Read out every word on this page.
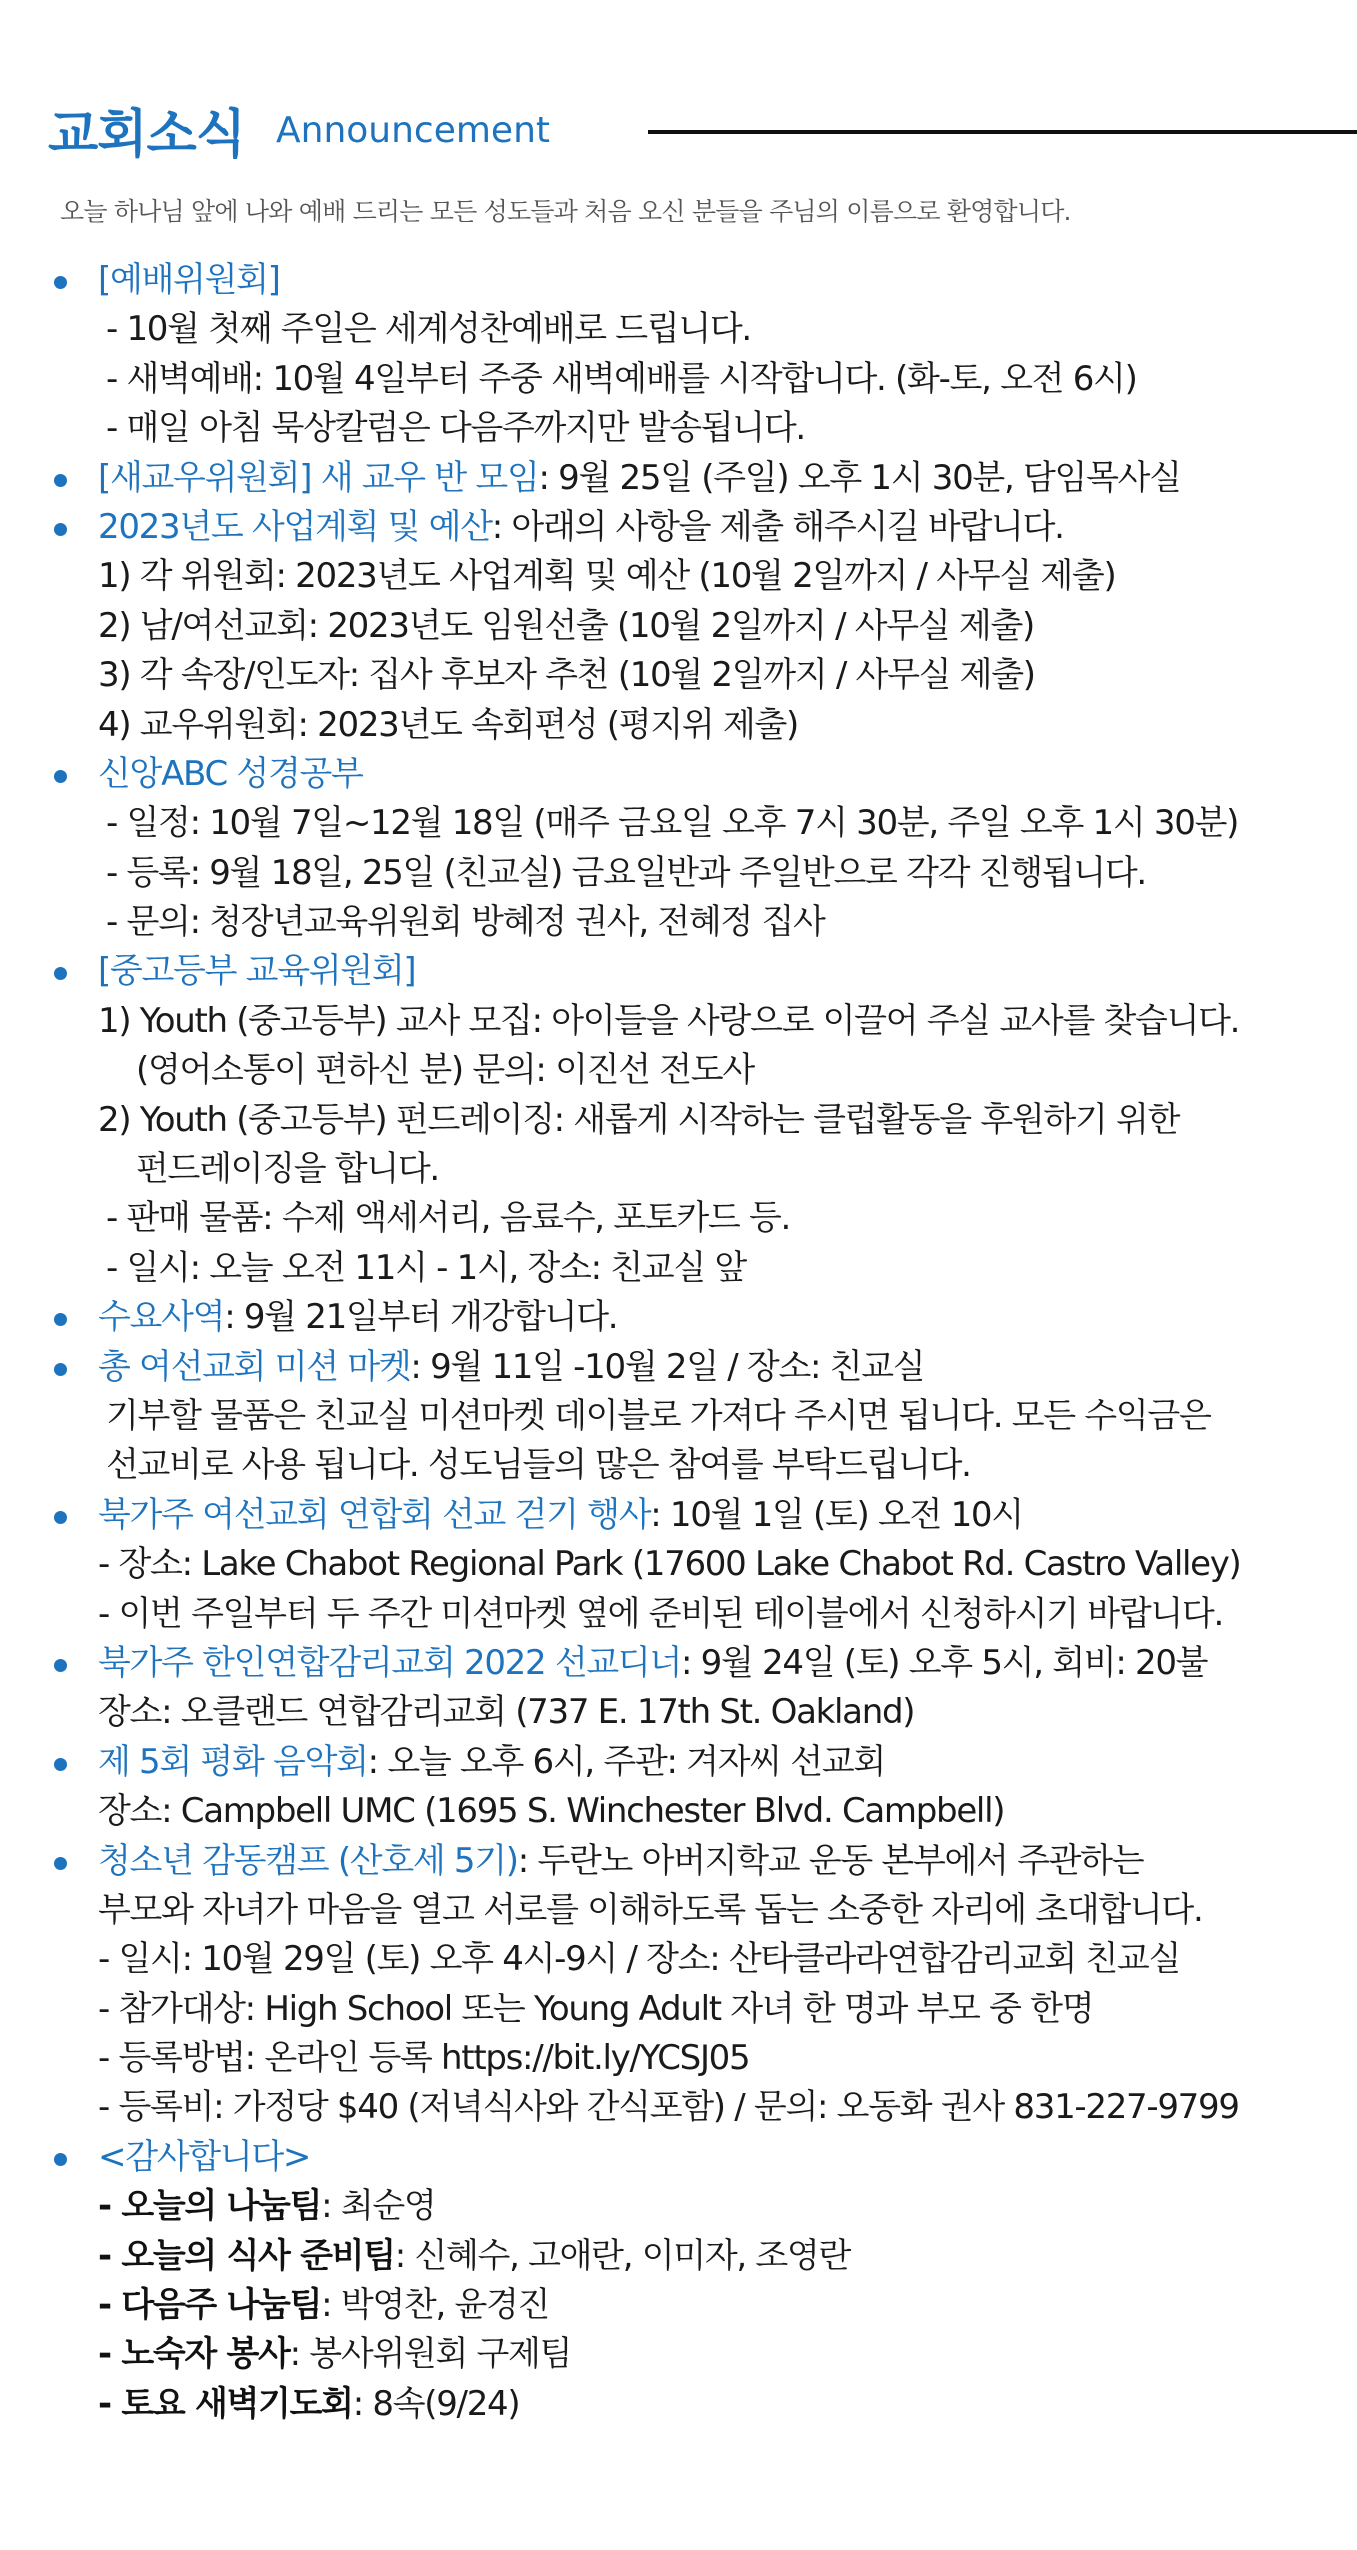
교회소식 Announcement
오늘 하나님 앞에 나와 예배 드리는 모든 성도들과 처음 오신 분들을 주님의 이름으로 환영합니다.
[예배위원회]
- 10월 첫째 주일은 세계성찬예배로 드립니다.
- 새벽예배: 10월 4일부터 주중 새벽예배를 시작합니다. (화-토, 오전 6시)
- 매일 아침 묵상칼럼은 다음주까지만 발송됩니다.
[새교우위원회] 새 교우 반 모임: 9월 25일 (주일) 오후 1시 30분, 담임목사실
2023년도 사업계획 및 예산: 아래의 사항을 제출 해주시길 바랍니다.
1) 각 위원회: 2023년도 사업계획 및 예산 (10월 2일까지 / 사무실 제출)
2) 남/여선교회: 2023년도 임원선출 (10월 2일까지 / 사무실 제출)
3) 각 속장/인도자: 집사 후보자 추천 (10월 2일까지 / 사무실 제출)
4) 교우위원회: 2023년도 속회편성 (평지위 제출)
신앙ABC 성경공부
- 일정: 10월 7일~12월 18일 (매주 금요일 오후 7시 30분, 주일 오후 1시 30분)
- 등록: 9월 18일, 25일 (친교실) 금요일반과 주일반으로 각각 진행됩니다.
- 문의: 청장년교육위원회 방혜정 권사, 전혜정 집사
[중고등부 교육위원회]
1) Youth (중고등부) 교사 모집: 아이들을 사랑으로 이끌어 주실 교사를 찾습니다.
(영어소통이 편하신 분) 문의: 이진선 전도사
2) Youth (중고등부) 펀드레이징: 새롭게 시작하는 클럽활동을 후원하기 위한
펀드레이징을 합니다.
- 판매 물품: 수제 액세서리, 음료수, 포토카드 등.
- 일시: 오늘 오전 11시 - 1시, 장소: 친교실 앞
수요사역: 9월 21일부터 개강합니다.
총 여선교회 미션 마켓: 9월 11일 -10월 2일 / 장소: 친교실
기부할 물품은 친교실 미션마켓 데이블로 가져다 주시면 됩니다. 모든 수익금은
선교비로 사용 됩니다. 성도님들의 많은 참여를 부탁드립니다.
북가주 여선교회 연합회 선교 걷기 행사: 10월 1일 (토) 오전 10시
- 장소: Lake Chabot Regional Park (17600 Lake Chabot Rd. Castro Valley)
- 이번 주일부터 두 주간 미션마켓 옆에 준비된 테이블에서 신청하시기 바랍니다.
북가주 한인연합감리교회 2022 선교디너: 9월 24일 (토) 오후 5시, 회비: 20불
장소: 오클랜드 연합감리교회 (737 E. 17th St. Oakland)
제 5회 평화 음악회: 오늘 오후 6시, 주관: 겨자씨 선교회
장소: Campbell UMC (1695 S. Winchester Blvd. Campbell)
청소년 감동캠프 (산호세 5기): 두란노 아버지학교 운동 본부에서 주관하는
부모와 자녀가 마음을 열고 서로를 이해하도록 돕는 소중한 자리에 초대합니다.
- 일시: 10월 29일 (토) 오후 4시-9시 / 장소: 산타클라라연합감리교회 친교실
- 참가대상: High School 또는 Young Adult 자녀 한 명과 부모 중 한명
- 등록방법: 온라인 등록 https://bit.ly/YCSJ05
- 등록비: 가정당 $40 (저녁식사와 간식포함) / 문의: 오동화 권사 831-227-9799
<감사합니다>
- 오늘의 나눔팀: 최순영
- 오늘의 식사 준비팀: 신혜수, 고애란, 이미자, 조영란
- 다음주 나눔팀: 박영찬, 윤경진
- 노숙자 봉사: 봉사위원회 구제팀
- 토요 새벽기도회: 8속(9/24)
